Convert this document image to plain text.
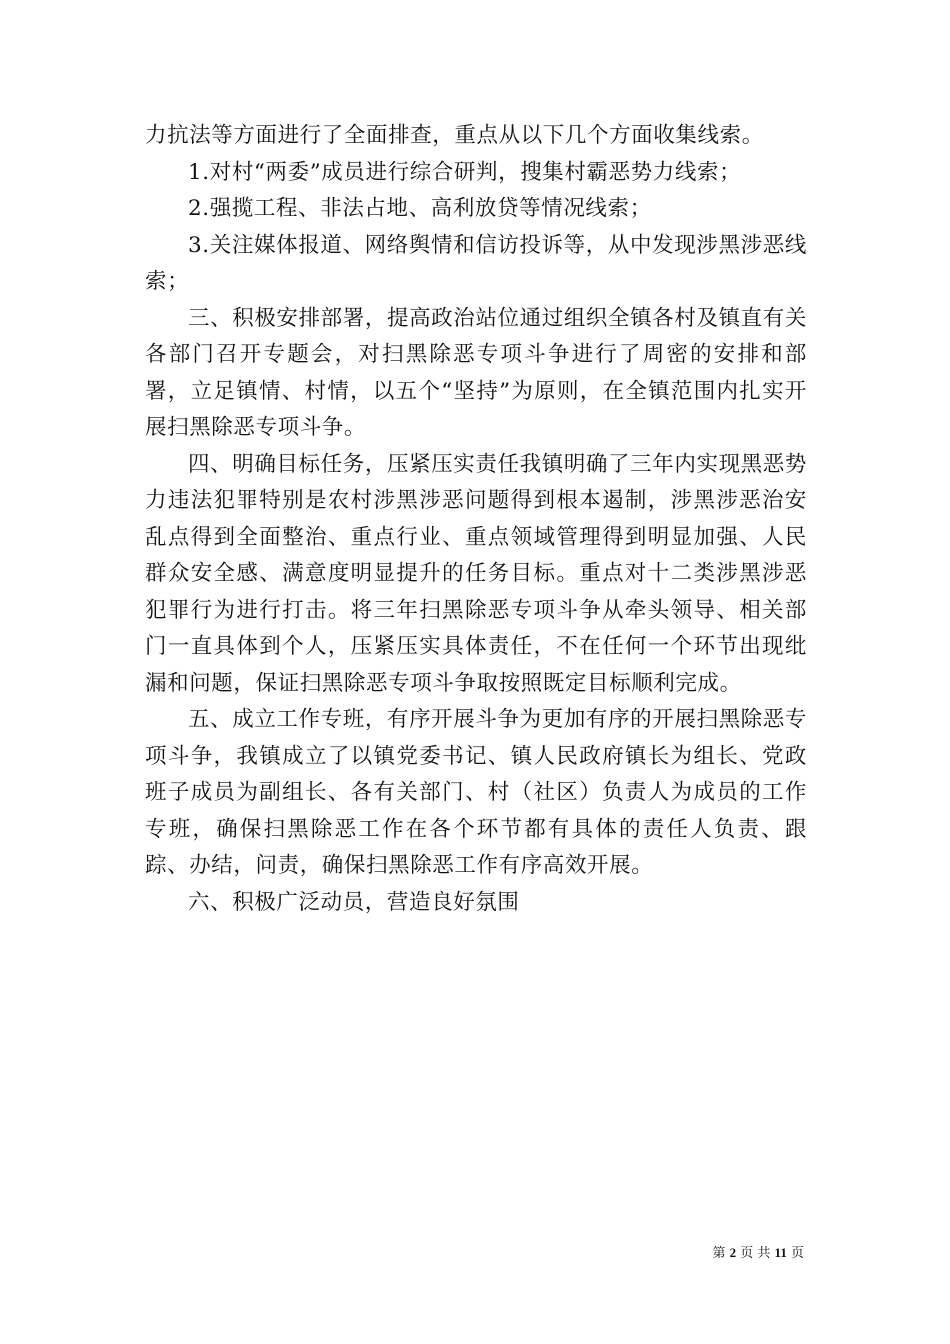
力抗法等方面进行了全面排查，重点从以下几个方面收集线索。

1.对村“两委”成员进行综合研判，搜集村霸恶势力线索；

2.强揽工程、非法占地、高利放贷等情况线索；

3.关注媒体报道、网络舆情和信访投诉等，从中发现涉黑涉恶线索；

三、积极安排部署，提高政治站位通过组织全镇各村及镇直有关各部门召开专题会，对扫黑除恶专项斗争进行了周密的安排和部署，立足镇情、村情，以五个“坚持”为原则，在全镇范围内扎实开展扫黑除恶专项斗争。

四、明确目标任务，压紧压实责任我镇明确了三年内实现黑恶势力违法犯罪特别是农村涉黑涉恶问题得到根本遏制，涉黑涉恶治安乱点得到全面整治、重点行业、重点领域管理得到明显加强、人民群众安全感、满意度明显提升的任务目标。重点对十二类涉黑涉恶犯罪行为进行打击。将三年扫黑除恶专项斗争从牵头领导、相关部门一直具体到个人，压紧压实具体责任，不在任何一个环节出现纰漏和问题，保证扫黑除恶专项斗争取按照既定目标顺利完成。

五、成立工作专班，有序开展斗争为更加有序的开展扫黑除恶专项斗争，我镇成立了以镇党委书记、镇人民政府镇长为组长、党政班子成员为副组长、各有关部门、村（社区）负责人为成员的工作专班，确保扫黑除恶工作在各个环节都有具体的责任人负责、跟踪、办结，问责，确保扫黑除恶工作有序高效开展。

六、积极广泛动员，营造良好氛围

第 2 页 共 11 页
